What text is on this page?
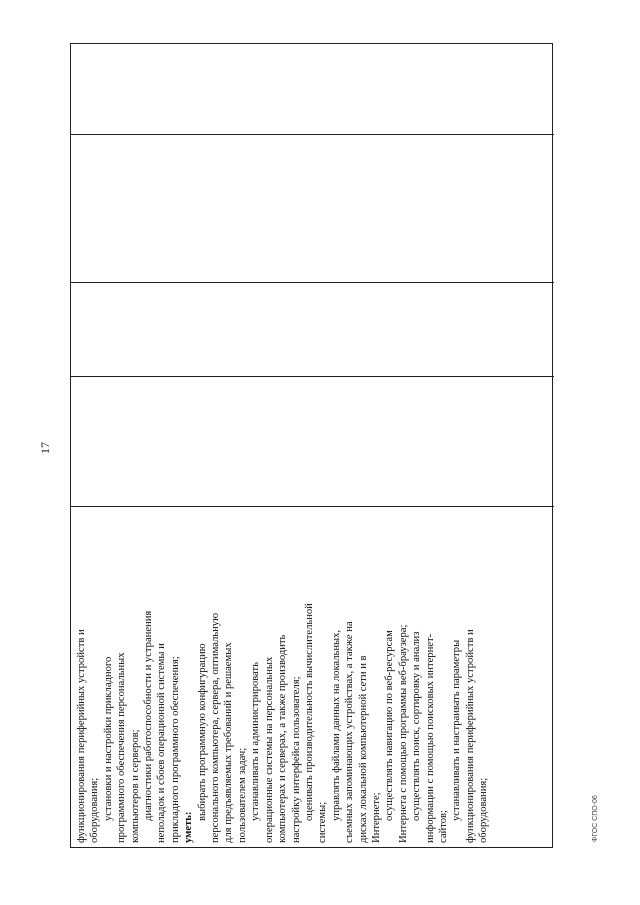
17

функционирования периферийных устройств и оборудования; установки и настройки прикладного программного обеспечения персональных компьютеров и серверов; диагностики работоспособности и устранения неполадок и сбоев операционной системы и прикладного программного обеспечения; уметь:

выбирать программную конфигурацию персонального компьютера, сервера, оптимальную для предъявляемых требований и решаемых пользователем задач; устанавливать и администрировать операционные системы на персональных компьютерах и серверах, а также производить настройку интерфейса пользователя; оценивать производительность вычислительной

системы;

управлять файлами данных на локальных, съемных запоминающих устройствах, а также на дисках локальной компьютерной сети и в Интернете; осуществлять навигацию по веб-ресурсам Интернета с помощью программы веб-браузера; осуществлять поиск, сортировку и анализ информации с помощью поисковых интернет- сайтов;

устанавливать и настраивать параметры функционирования периферийных устройств и оборудования;	ФГОС СПО-06
